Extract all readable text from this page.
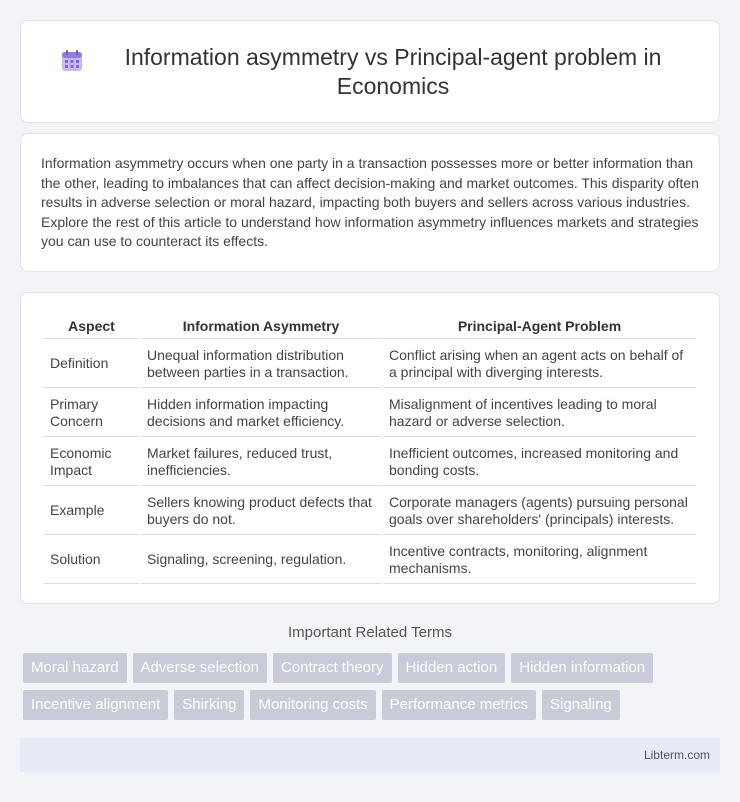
Information asymmetry vs Principal-agent problem in Economics

Information asymmetry occurs when one party in a transaction possesses more or better information than the other, leading to imbalances that can affect decision-making and market outcomes. This disparity often results in adverse selection or moral hazard, impacting both buyers and sellers across various industries. Explore the rest of this article to understand how information asymmetry influences markets and strategies you can use to counteract its effects.

Aspect	Information Asymmetry	Principal-Agent Problem
Definition	Unequal information distribution between parties in a transaction.	Conflict arising when an agent acts on behalf of a principal with diverging interests.
Primary Concern	Hidden information impacting decisions and market efficiency.	Misalignment of incentives leading to moral hazard or adverse selection.
Economic Impact	Market failures, reduced trust, inefficiencies.	Inefficient outcomes, increased monitoring and bonding costs.
Example	Sellers knowing product defects that buyers do not.	Corporate managers (agents) pursuing personal goals over shareholders' (principals) interests.
Solution	Signaling, screening, regulation.	Incentive contracts, monitoring, alignment mechanisms.
Important Related Terms
Moral hazard	Adverse selection	Contract theory	Hidden action	Hidden information
Incentive alignment	Shirking	Monitoring costs	Performance metrics	Signaling
Libterm.com
